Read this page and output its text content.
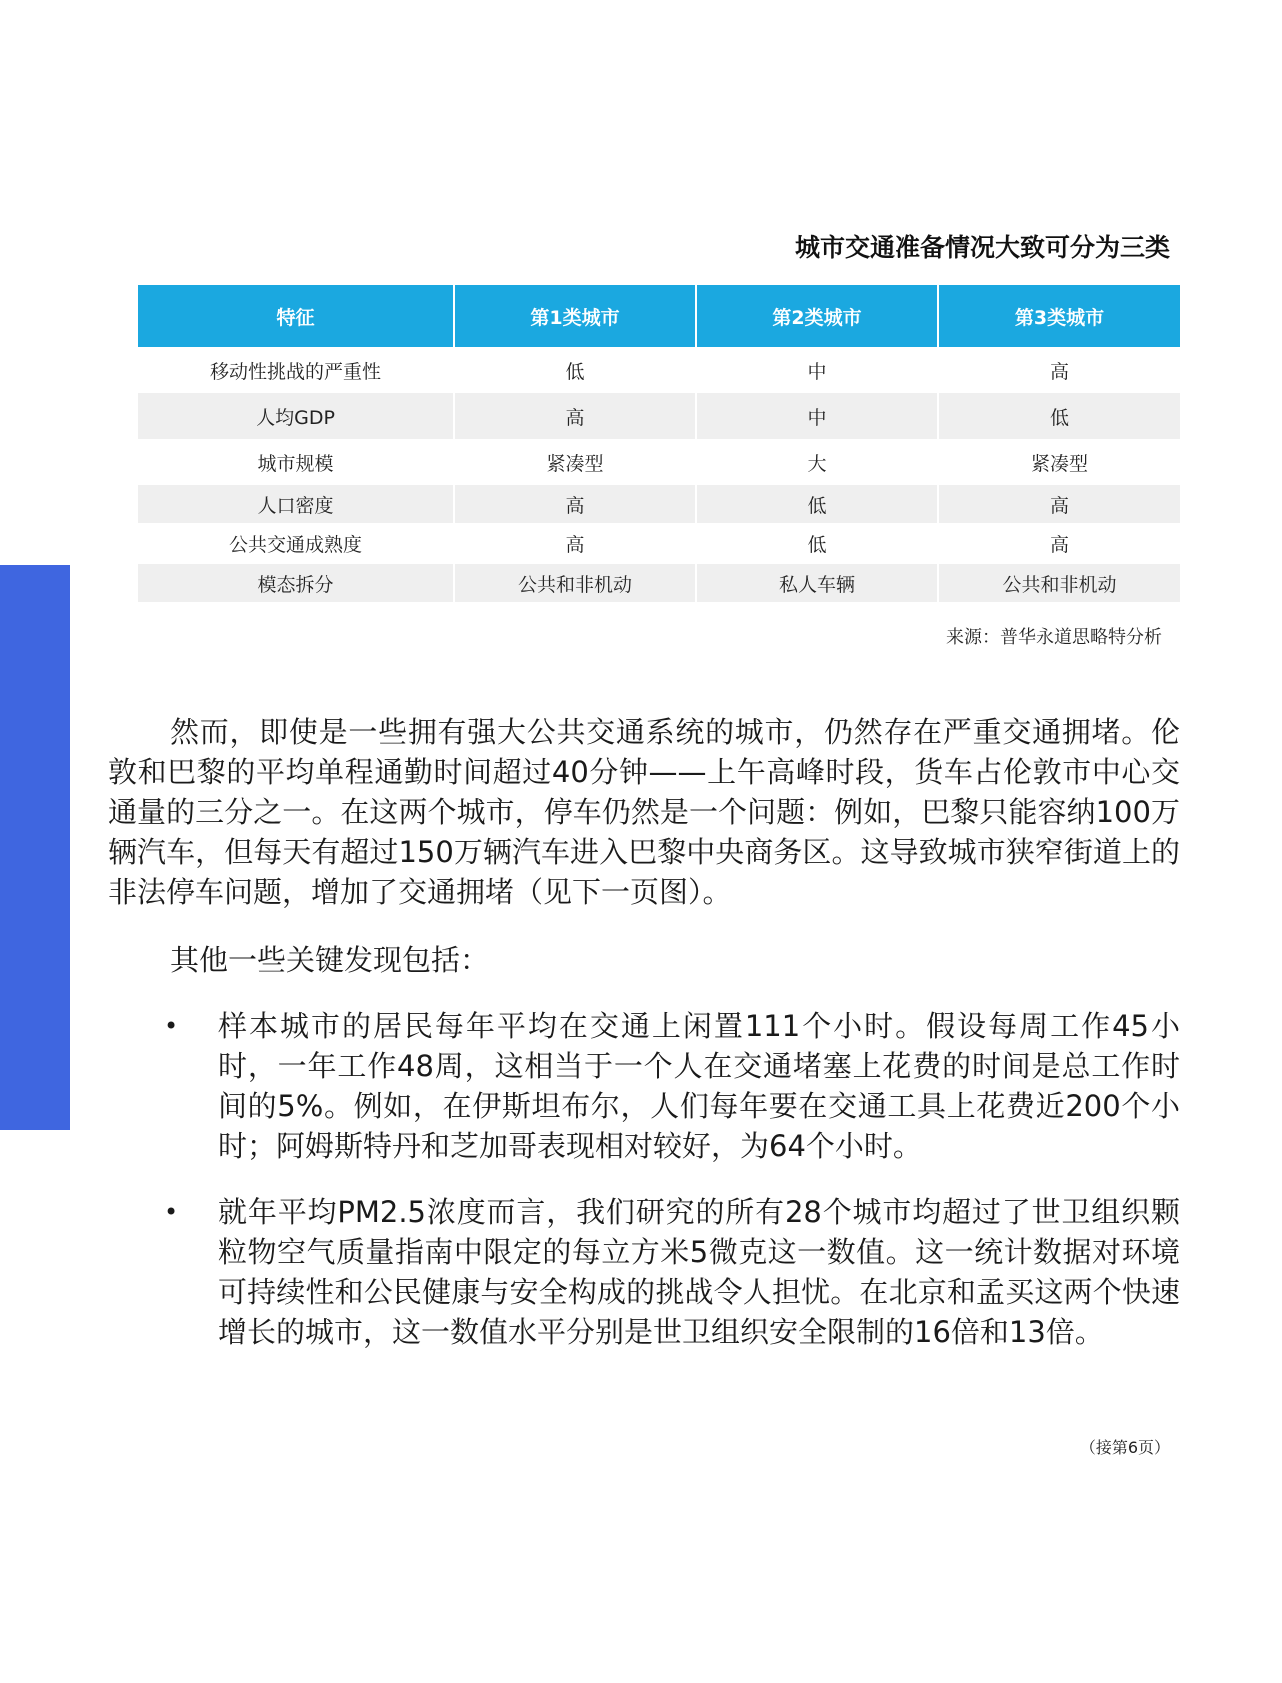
www.strategy-business.com
4
城市交通准备情况大致可分为三类
特征	第1类城市	第2类城市	第3类城市
移动性挑战的严重性	低	中	高
人均GDP	高	中	低
城市规模	紧凑型	大	紧凑型
人口密度	高	低	高
公共交通成熟度	高	低	高
模态拆分	公共和非机动	私人车辆	公共和非机动
来源：普华永道思略特分析

然而，即使是一些拥有强大公共交通系统的城市，仍然存在严重交通拥堵。伦敦和巴黎的平均单程通勤时间超过40分钟——上午高峰时段，货车占伦敦市中心交通量的三分之一。在这两个城市，停车仍然是一个问题：例如，巴黎只能容纳100万辆汽车，但每天有超过150万辆汽车进入巴黎中央商务区。这导致城市狭窄街道上的非法停车问题，增加了交通拥堵（见下一页图）。

其他一些关键发现包括：

• 样本城市的居民每年平均在交通上闲置111个小时。假设每周工作45小时，一年工作48周，这相当于一个人在交通堵塞上花费的时间是总工作时间的5%。例如，在伊斯坦布尔，人们每年要在交通工具上花费近200个小时；阿姆斯特丹和芝加哥表现相对较好，为64个小时。
• 就年平均PM2.5浓度而言，我们研究的所有28个城市均超过了世卫组织颗粒物空气质量指南中限定的每立方米5微克这一数值。这一统计数据对环境可持续性和公民健康与安全构成的挑战令人担忧。在北京和孟买这两个快速增长的城市，这一数值水平分别是世卫组织安全限制的16倍和13倍。
（接第6页）
